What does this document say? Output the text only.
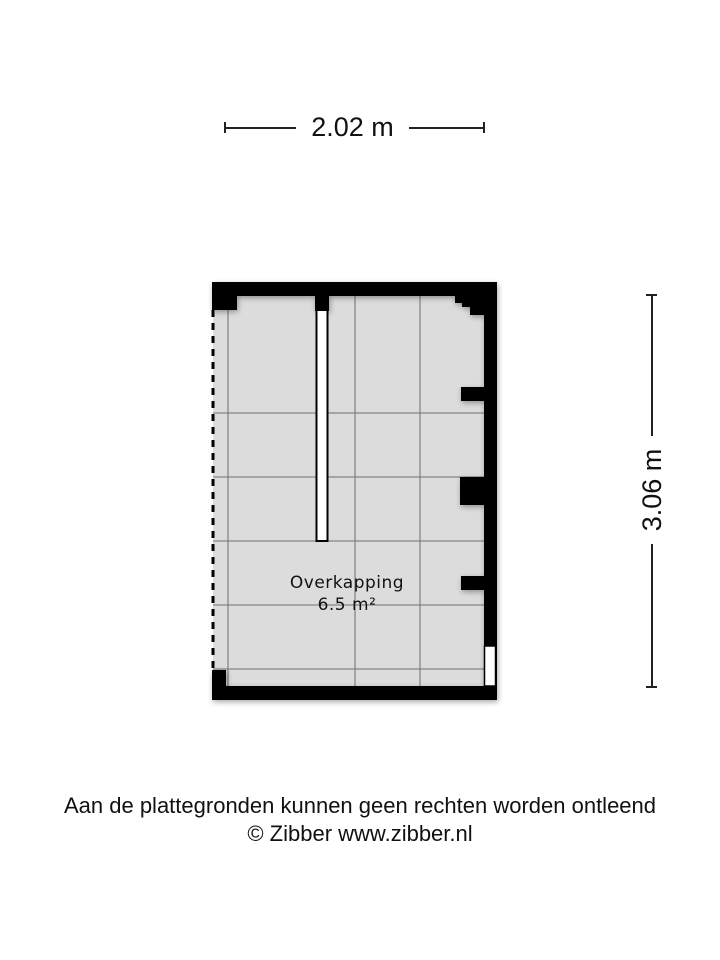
2.02 m
3.06 m
Overkapping
6.5 m²
Aan de plattegronden kunnen geen rechten worden ontleend
© Zibber www.zibber.nl
